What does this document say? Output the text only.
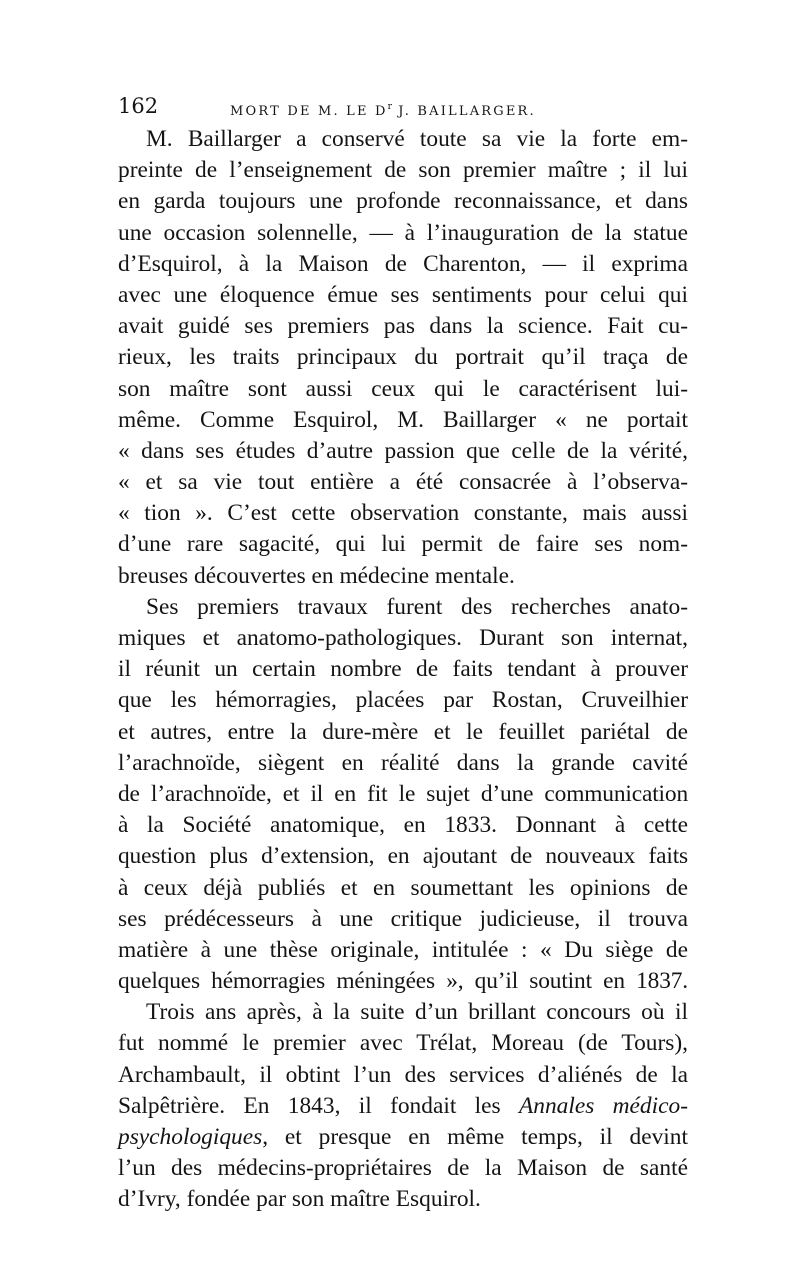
162	MORT DE M. LE $D^r$ J. BAILLARGER.
M. Baillarger a conservé toute sa vie la forte em-
preinte de l’enseignement de son premier maître ; il lui
en garda toujours une profonde reconnaissance, et dans
une occasion solennelle, — à l’inauguration de la statue
d’Esquirol, à la Maison de Charenton, — il exprima
avec une éloquence émue ses sentiments pour celui qui
avait guidé ses premiers pas dans la science. Fait cu-
rieux, les traits principaux du portrait qu’il traça de
son maître sont aussi ceux qui le caractérisent lui-
même. Comme Esquirol, M. Baillarger « ne portait
« dans ses études d’autre passion que celle de la vérité,
« et sa vie tout entière a été consacrée à l’observa-
« tion ». C’est cette observation constante, mais aussi
d’une rare sagacité, qui lui permit de faire ses nom-
breuses découvertes en médecine mentale.
Ses premiers travaux furent des recherches anato-
miques et anatomo-pathologiques. Durant son internat,
il réunit un certain nombre de faits tendant à prouver
que les hémorragies, placées par Rostan, Cruveilhier
et autres, entre la dure-mère et le feuillet pariétal de
l’arachnoïde, siègent en réalité dans la grande cavité
de l’arachnoïde, et il en fit le sujet d’une communication
à la Société anatomique, en 1833. Donnant à cette
question plus d’extension, en ajoutant de nouveaux faits
à ceux déjà publiés et en soumettant les opinions de
ses prédécesseurs à une critique judicieuse, il trouva
matière à une thèse originale, intitulée : « Du siège de
quelques hémorragies méningées », qu’il soutint en 1837.
Trois ans après, à la suite d’un brillant concours où il
fut nommé le premier avec Trélat, Moreau (de Tours),
Archambault, il obtint l’un des services d’aliénés de la
Salpêtrière. En 1843, il fondait les Annales médico-
psychologiques, et presque en même temps, il devint
l’un des médecins-propriétaires de la Maison de santé
d’Ivry, fondée par son maître Esquirol.
